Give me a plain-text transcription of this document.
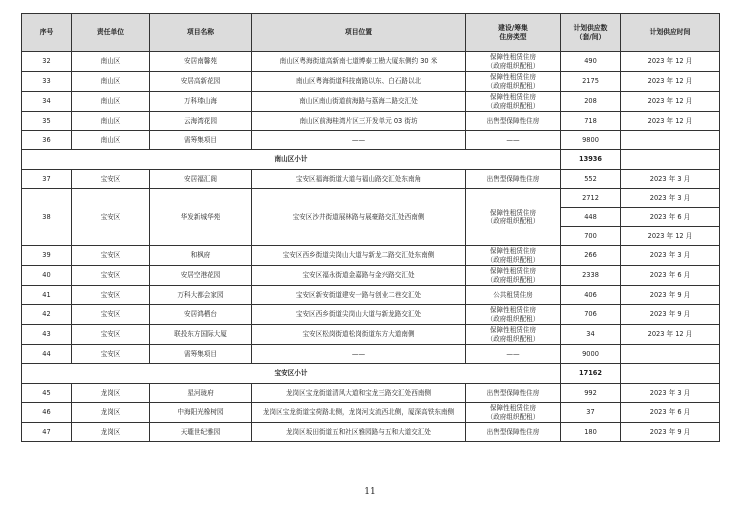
序号	责任单位	项目名称	项目位置	建设/筹集
住房类型	计划供应数
（套/间）	计划供应时间
32	南山区	安居南馨苑	南山区粤海街道高新南七道博泰工勘大厦东侧约 30 米	保障性租赁住房
（政府组织配租）	490	2023 年 12 月
33	南山区	安居高新花园	南山区粤海街道科技南路以东、白石路以北	保障性租赁住房
（政府组织配租）	2175	2023 年 12 月
34	南山区	万科瑧山海	南山区南山街道前海路与荔海二路交汇处	保障性租赁住房
（政府组织配租）	208	2023 年 12 月
35	南山区	云海湾花园	南山区前海桂湾片区三开发单元 03 街坊	出售型保障性住房	718	2023 年 12 月
36	南山区	需筹集项目	——	——	9800	
南山区小计					13936	
37	宝安区	安居福汇阁	宝安区福海街道大道与福山路交汇处东南角	出售型保障性住房	552	2023 年 3 月
38	宝安区	华发新城华苑	宝安区沙井街道展林路与展豪路交汇处西南侧	保障性租赁住房
（政府组织配租）	2712	2023 年 3 月
					448	2023 年 6 月
					700	2023 年 12 月
39	宝安区	和枫府	宝安区西乡街道尖岗山大道与新龙二路交汇处东南侧	保障性租赁住房
（政府组织配租）	266	2023 年 3 月
40	宝安区	安居空港花园	宝安区福永街道金嘉路与金兴路交汇处	保障性租赁住房
（政府组织配租）	2338	2023 年 6 月
41	宝安区	万科大都会家园	宝安区新安街道建安一路与创业二巷交汇处	公共租赁住房	406	2023 年 9 月
42	宝安区	安居鸿栖台	宝安区西乡街道尖岗山大道与新龙路交汇处	保障性租赁住房
（政府组织配租）	706	2023 年 9 月
43	宝安区	联投东方国际大厦	宝安区松岗街道松岗街道东方大道南侧	保障性租赁住房
（政府组织配租）	34	2023 年 12 月
44	宝安区	需筹集项目	——	——	9000	
宝安区小计					17162	
45	龙岗区	星河珑府	龙岗区宝龙街道清风大道和宝龙三路交汇处西南侧	出售型保障性住房	992	2023 年 3 月
46	龙岗区	中海阳光橡树园	龙岗区宝龙街道宝荷路北侧，龙岗河支流西北侧，厦深高铁东南侧	保障性租赁住房
（政府组织配租）	37	2023 年 6 月
47	龙岗区	天瓏世纪雅园	龙岗区坂田街道五和社区雅园路与五和大道交汇处	出售型保障性住房	180	2023 年 9 月
11
